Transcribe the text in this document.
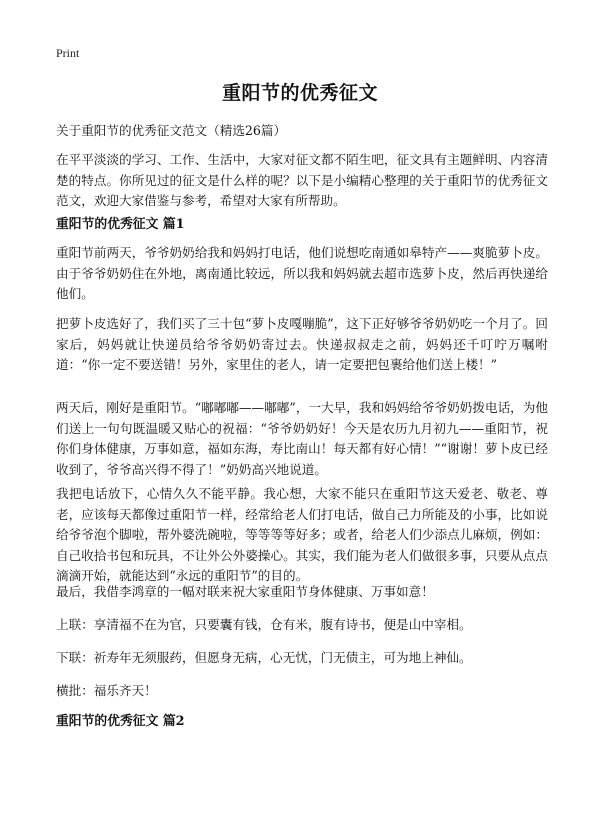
Print
重阳节的优秀征文

关于重阳节的优秀征文范文（精选26篇）

在平平淡淡的学习、工作、生活中，大家对征文都不陌生吧，征文具有主题鲜明、内容清楚的特点。你所见过的征文是什么样的呢？以下是小编精心整理的关于重阳节的优秀征文范文，欢迎大家借鉴与参考，希望对大家有所帮助。

重阳节的优秀征文 篇1

重阳节前两天，爷爷奶奶给我和妈妈打电话，他们说想吃南通如皋特产——爽脆萝卜皮。由于爷爷奶奶住在外地，离南通比较远，所以我和妈妈就去超市选萝卜皮，然后再快递给他们。

把萝卜皮选好了，我们买了三十包“萝卜皮嘎嘣脆”，这下正好够爷爷奶奶吃一个月了。回家后，妈妈就让快递员给爷爷奶奶寄过去。快递叔叔走之前，妈妈还千叮咛万嘱咐道：“你一定不要送错！另外，家里住的老人，请一定要把包裹给他们送上楼！”

两天后，刚好是重阳节。“嘟嘟嘟——嘟嘟”，一大早，我和妈妈给爷爷奶奶拨电话，为他们送上一句句既温暖又贴心的祝福：“爷爷奶奶好！今天是农历九月初九——重阳节，祝你们身体健康，万事如意，福如东海，寿比南山！每天都有好心情！”“谢谢！萝卜皮已经收到了，爷爷高兴得不得了！”奶奶高兴地说道。

我把电话放下，心情久久不能平静。我心想，大家不能只在重阳节这天爱老、敬老、尊老，应该每天都像过重阳节一样，经常给老人们打电话，做自己力所能及的小事，比如说给爷爷泡个脚啦，帮外婆洗碗啦，等等等等好多；或者，给老人们少添点儿麻烦，例如：自己收拾书包和玩具，不让外公外婆操心。其实，我们能为老人们做很多事，只要从点点滴滴开始，就能达到“永远的重阳节”的目的。

最后，我借李鸿章的一幅对联来祝大家重阳节身体健康、万事如意！

上联：享清福不在为官，只要囊有钱，仓有米，腹有诗书，便是山中宰相。

下联：祈寿年无须服药，但愿身无病，心无忧，门无债主，可为地上神仙。

横批：福乐齐天！

重阳节的优秀征文 篇2
